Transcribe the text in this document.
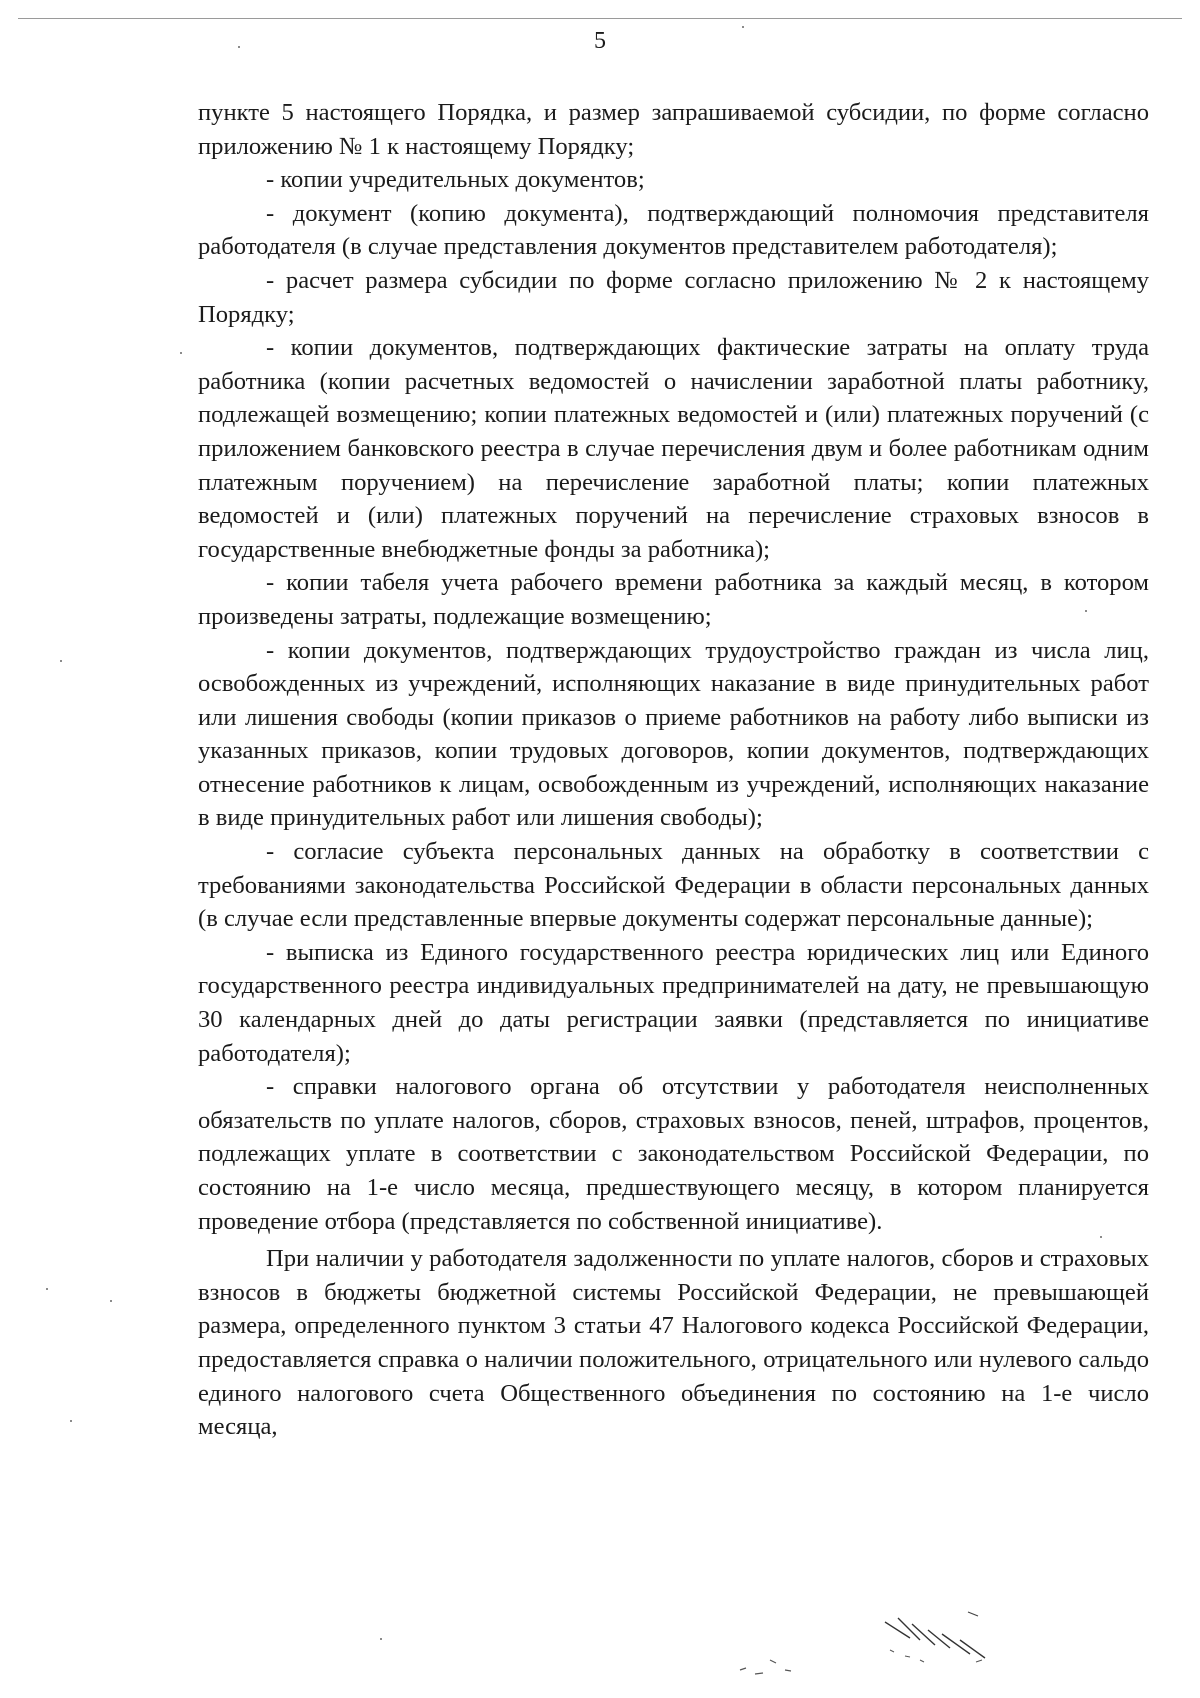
5

пункте 5 настоящего Порядка, и размер запрашиваемой субсидии, по форме согласно приложению № 1 к настоящему Порядку;

- копии учредительных документов;

- документ (копию документа), подтверждающий полномочия представителя работодателя (в случае представления документов представителем работодателя);

- расчет размера субсидии по форме согласно приложению № 2 к настоящему Порядку;

- копии документов, подтверждающих фактические затраты на оплату труда работника (копии расчетных ведомостей о начислении заработной платы работнику, подлежащей возмещению; копии платежных ведомостей и (или) платежных поручений (с приложением банковского реестра в случае перечисления двум и более работникам одним платежным поручением) на перечисление заработной платы; копии платежных ведомостей и (или) платежных поручений на перечисление страховых взносов в государственные внебюджетные фонды за работника);

- копии табеля учета рабочего времени работника за каждый месяц, в котором произведены затраты, подлежащие возмещению;

- копии документов, подтверждающих трудоустройство граждан из числа лиц, освобожденных из учреждений, исполняющих наказание в виде принудительных работ или лишения свободы (копии приказов о приеме работников на работу либо выписки из указанных приказов, копии трудовых договоров, копии документов, подтверждающих отнесение работников к лицам, освобожденным из учреждений, исполняющих наказание в виде принудительных работ или лишения свободы);

- согласие субъекта персональных данных на обработку в соответствии с требованиями законодательства Российской Федерации в области персональных данных (в случае если представленные впервые документы содержат персональные данные);

- выписка из Единого государственного реестра юридических лиц или Единого государственного реестра индивидуальных предпринимателей на дату, не превышающую 30 календарных дней до даты регистрации заявки (представляется по инициативе работодателя);

- справки налогового органа об отсутствии у работодателя неисполненных обязательств по уплате налогов, сборов, страховых взносов, пеней, штрафов, процентов, подлежащих уплате в соответствии с законодательством Российской Федерации, по состоянию на 1-е число месяца, предшествующего месяцу, в котором планируется проведение отбора (представляется по собственной инициативе).

При наличии у работодателя задолженности по уплате налогов, сборов и страховых взносов в бюджеты бюджетной системы Российской Федерации, не превышающей размера, определенного пунктом 3 статьи 47 Налогового кодекса Российской Федерации, предоставляется справка о наличии положительного, отрицательного или нулевого сальдо единого налогового счета Общественного объединения по состоянию на 1-е число месяца,
